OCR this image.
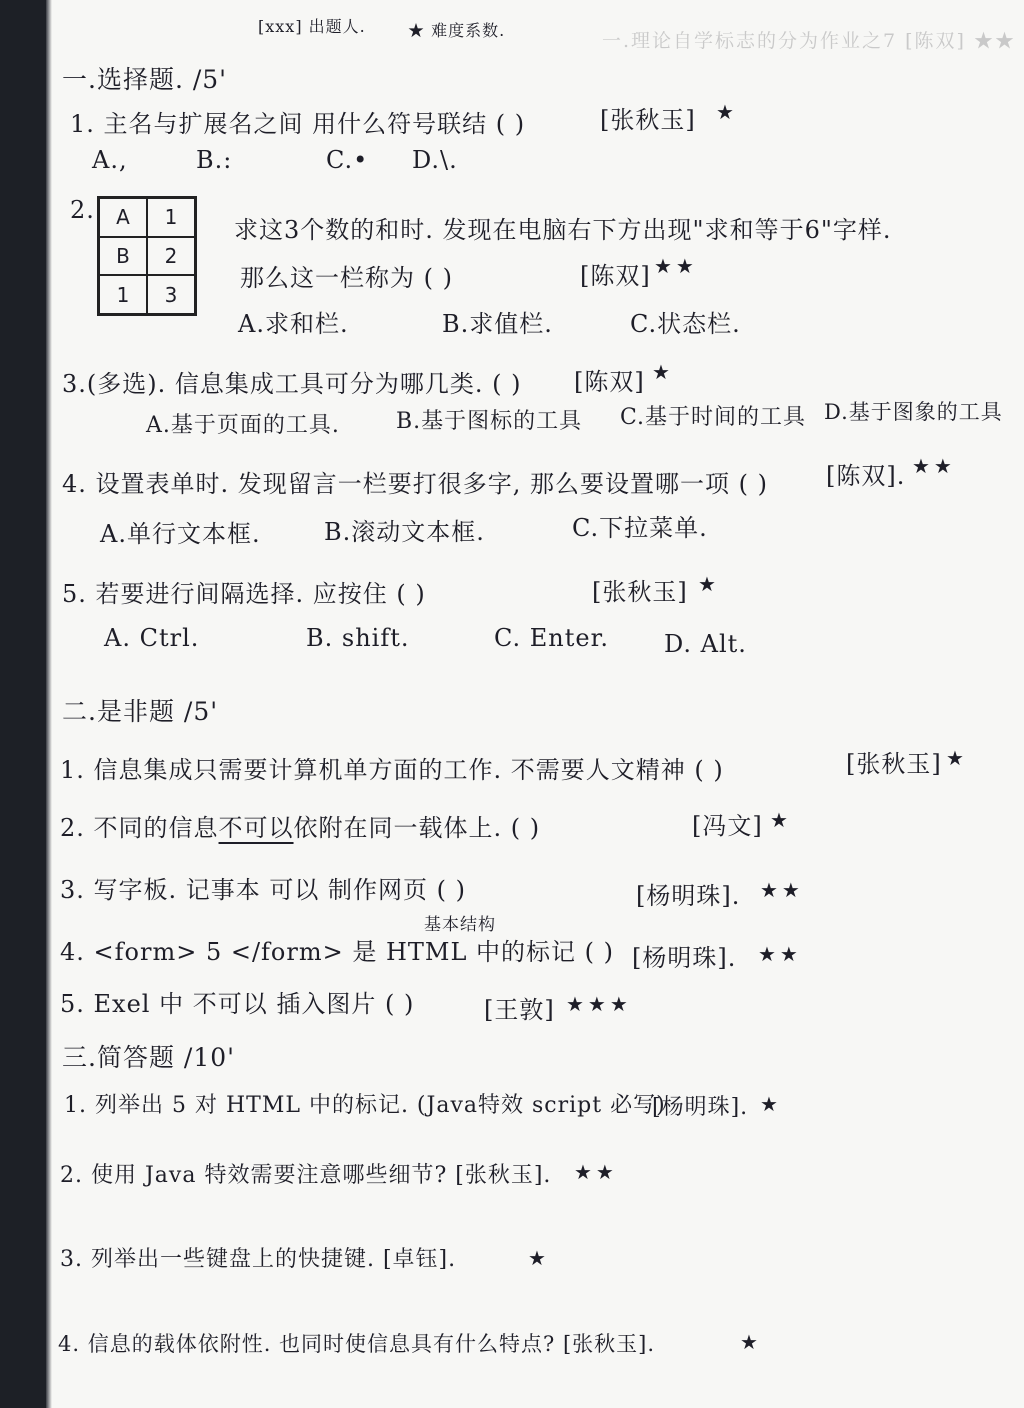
一.理论自学标志的分为作业之7 [陈双] ★★
[xxx] 出题人.	★ 难度系数.
一.选择题. /5'
1. 主名与扩展名之间 用什么符号联结 ( )	[张秋玉] ★
A.,	B.:	C.• D.\.
2.	A	1
B	2
1	3
求这3个数的和时. 发现在电脑右下方出现"求和等于6"字样.
那么这一栏称为 ( )	[陈双] ★★
A.求和栏.	B.求值栏.	C.状态栏.
3.(多选). 信息集成工具可分为哪几类. ( ) [陈双] ★
A.基于页面的工具.	B.基于图标的工具 C.基于时间的工具 D.基于图象的工具
4. 设置表单时. 发现留言一栏要打很多字, 那么要设置哪一项 ( ) [陈双]. ★★
A.单行文本框.	B.滚动文本框.	C.下拉菜单.
5. 若要进行间隔选择. 应按住 ( )	[张秋玉] ★
A. Ctrl.	B. shift.	C. Enter. D. Alt.
二.是非题 /5'
1. 信息集成只需要计算机单方面的工作. 不需要人文精神 ( )	[张秋玉] ★
2. 不同的信息不可以依附在同一载体上. ( )	[冯文] ★
3. 写字板. 记事本 可以 制作网页 ( )	[杨明珠]. ★★
基本结构
4. <form> 5 </form> 是 HTML 中的标记 ( ) [杨明珠]. ★★
5. Exel 中 不可以 插入图片 ( )	[王敦] ★★★
三.简答题 /10'
1. 列举出 5 对 HTML 中的标记. (Java特效 script 必写)
[杨明珠]. ★
2. 使用 Java 特效需要注意哪些细节? [张秋玉]. ★★
3. 列举出一些键盘上的快捷键. [卓钰].	★
4. 信息的载体依附性. 也同时使信息具有什么特点? [张秋玉].	★
